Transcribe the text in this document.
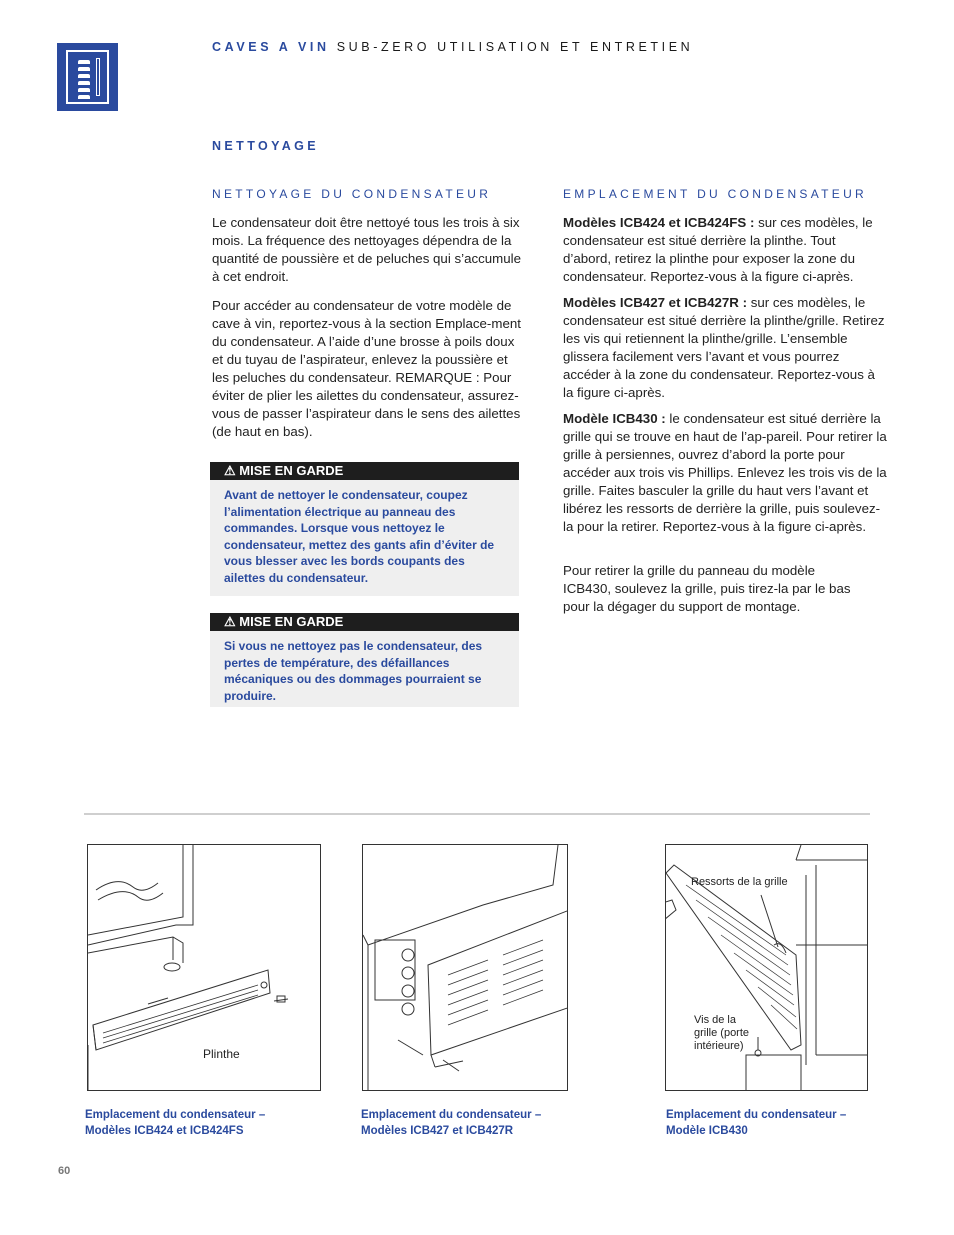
CAVES A VIN SUB-ZERO UTILISATION ET ENTRETIEN
NETTOYAGE
NETTOYAGE DU CONDENSATEUR
Le condensateur doit être nettoyé tous les trois à six mois. La fréquence des nettoyages dépendra de la quantité de poussière et de peluches qui s’accumule à cet endroit.
Pour accéder au condensateur de votre modèle de cave à vin, reportez-vous à la section Emplace-ment du condensateur. A l’aide d’une brosse à poils doux et du tuyau de l’aspirateur, enlevez la poussière et les peluches du condensateur. REMARQUE : Pour éviter de plier les ailettes du condensateur, assurez-vous de passer l’aspirateur dans le sens des ailettes (de haut en bas).
⚠ MISE EN GARDE
Avant de nettoyer le condensateur, coupez l’alimentation électrique au panneau des commandes. Lorsque vous nettoyez le condensateur, mettez des gants afin d’éviter de vous blesser avec les bords coupants des ailettes du condensateur.
⚠ MISE EN GARDE
Si vous ne nettoyez pas le condensateur, des pertes de température, des défaillances mécaniques ou des dommages pourraient se produire.
EMPLACEMENT DU CONDENSATEUR
Modèles ICB424 et ICB424FS : sur ces modèles, le condensateur est situé derrière la plinthe. Tout d’abord, retirez la plinthe pour exposer la zone du condensateur. Reportez-vous à la figure ci-après.
Modèles ICB427 et ICB427R : sur ces modèles, le condensateur est situé derrière la plinthe/grille. Retirez les vis qui retiennent la plinthe/grille. L’ensemble glissera facilement vers l’avant et vous pourrez accéder à la zone du condensateur. Reportez-vous à la figure ci-après.
Modèle ICB430 : le condensateur est situé derrière la grille qui se trouve en haut de l’ap-pareil. Pour retirer la grille à persiennes, ouvrez d’abord la porte pour accéder aux trois vis Phillips. Enlevez les trois vis de la grille. Faites basculer la grille du haut vers l’avant et libérez les ressorts de derrière la grille, puis soulevez-la pour la retirer. Reportez-vous à la figure ci-après.
Pour retirer la grille du panneau du modèle ICB430, soulevez la grille, puis tirez-la par le bas pour la dégager du support de montage.
Plinthe
Ressorts de la grille
Vis de la grille (porte intérieure)
Emplacement du condensateur –
Modèles ICB424 et ICB424FS
Emplacement du condensateur –
Modèles ICB427 et ICB427R
Emplacement du condensateur –
Modèle ICB430
60
